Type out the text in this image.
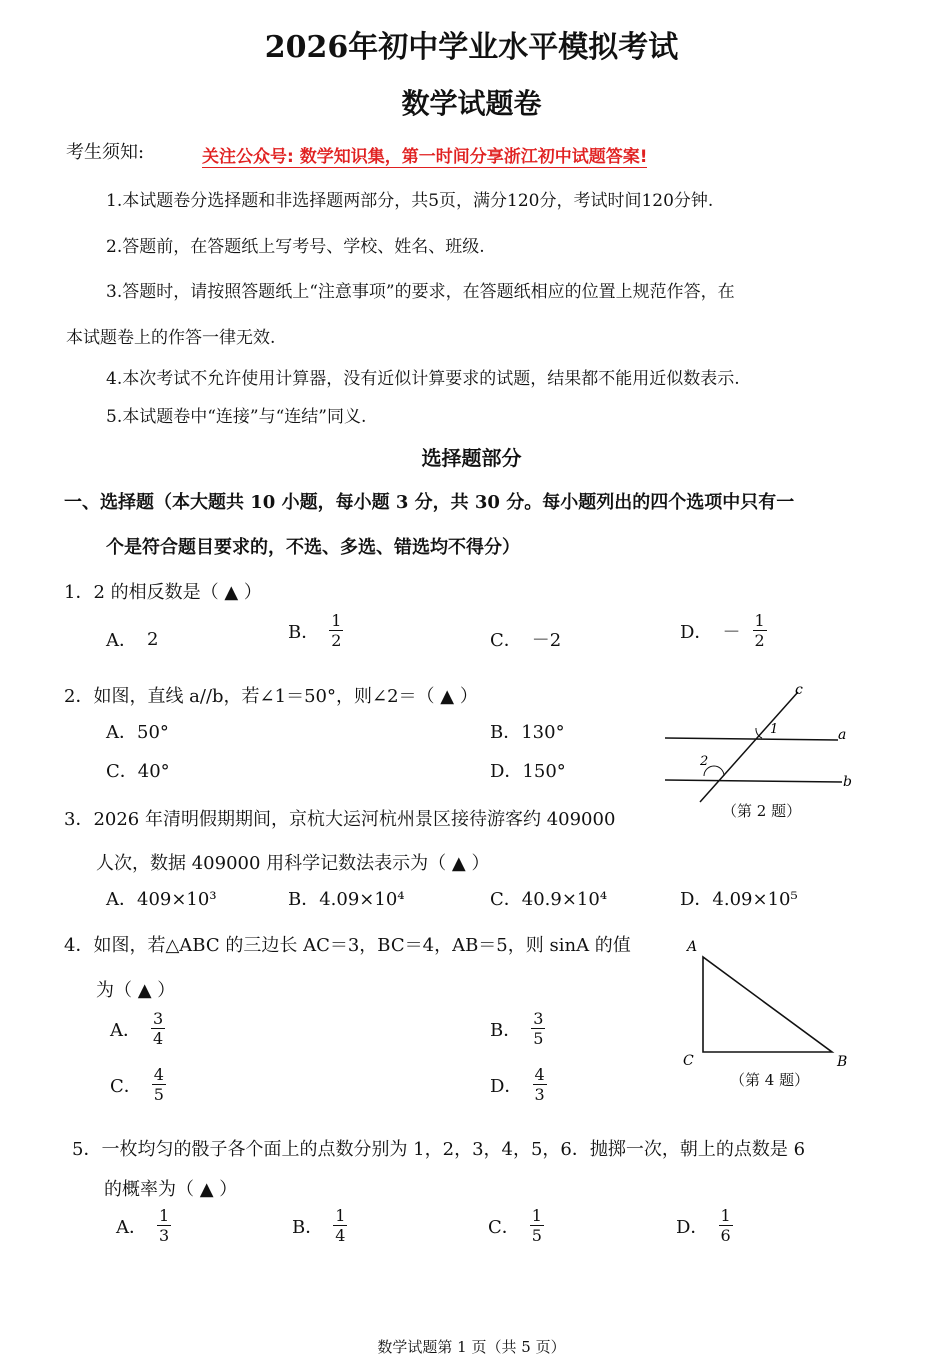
2026年初中学业水平模拟考试
数学试题卷
考生须知:	关注公众号: 数学知识集，第一时间分享浙江初中试题答案!
1.本试题卷分选择题和非选择题两部分，共5页，满分120分，考试时间120分钟.
2.答题前，在答题纸上写考号、学校、姓名、班级.
3.答题时，请按照答题纸上“注意事项”的要求，在答题纸相应的位置上规范作答，在
本试题卷上的作答一律无效.
4.本次考试不允许使用计算器，没有近似计算要求的试题，结果都不能用近似数表示.
5.本试题卷中“连接”与“连结”同义.
选择题部分
一、选择题（本大题共 10 小题，每小题 3 分，共 30 分。每小题列出的四个选项中只有一
个是符合题目要求的，不选、多选、错选均不得分）
1．2 的相反数是（ ▲ ）
A． 2	B． $\frac{1}{2}$	C． －2	D． － $\frac{1}{2}$
2．如图，直线 a//b，若∠1＝50°，则∠2＝（ ▲ ）
A．50°	B．130°
C．40°	D．150°
c
1	a
2
b
（第 2 题）
3．2026 年清明假期期间，京杭大运河杭州景区接待游客约 409000
人次，数据 409000 用科学记数法表示为（ ▲ ）
A．409×10³	B．4.09×10⁴	C．40.9×10⁴	D．4.09×10⁵
4．如图，若△ABC 的三边长 AC＝3，BC＝4，AB＝5，则 sinA 的值
为（ ▲ ）
A． $\frac{3}{4}$	B． $\frac{3}{5}$
C． $\frac{4}{5}$	D． $\frac{4}{3}$
A
C	B
（第 4 题）
5．一枚均匀的骰子各个面上的点数分别为 1，2，3，4，5，6．抛掷一次，朝上的点数是 6
的概率为（ ▲ ）
A． $\frac{1}{3}$	B． $\frac{1}{4}$	C． $\frac{1}{5}$	D． $\frac{1}{6}$
数学试题第 1 页（共 5 页）
